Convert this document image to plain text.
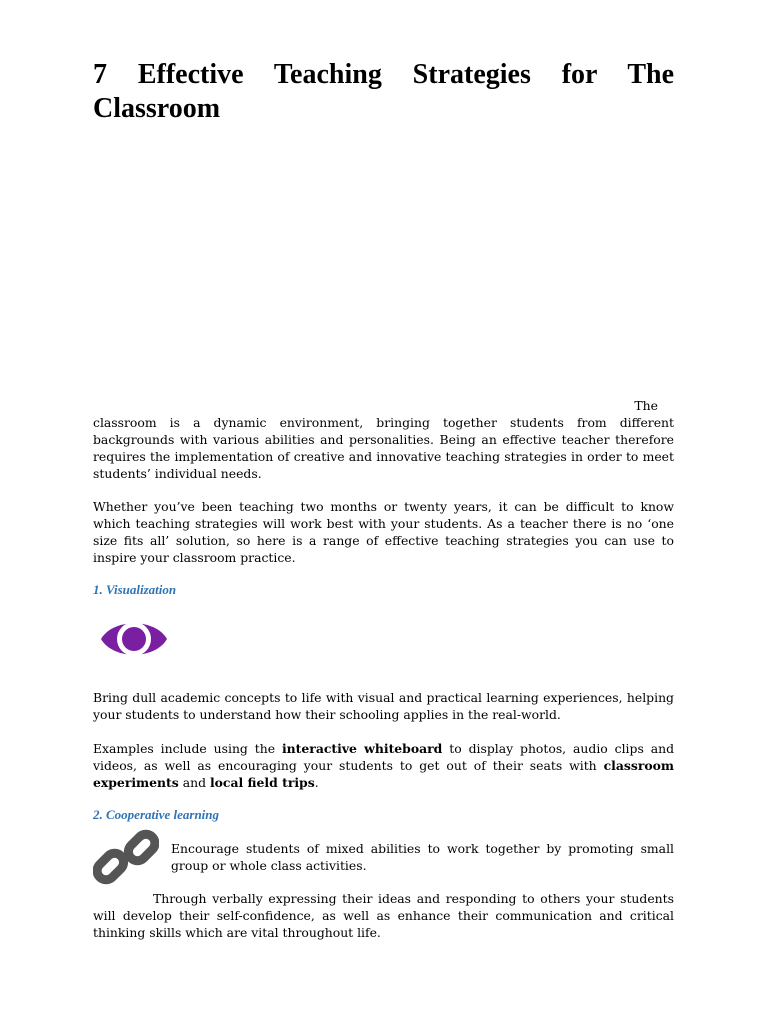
7 Effective Teaching Strategies for The Classroom
The

classroom is a dynamic environment, bringing together students from different backgrounds with various abilities and personalities. Being an effective teacher therefore requires the implementation of creative and innovative teaching strategies in order to meet students’ individual needs.

Whether you’ve been teaching two months or twenty years, it can be difficult to know which teaching strategies will work best with your students. As a teacher there is no ‘one size fits all’ solution, so here is a range of effective teaching strategies you can use to inspire your classroom practice.

1. Visualization

Bring dull academic concepts to life with visual and practical learning experiences, helping your students to understand how their schooling applies in the real-world.

Examples include using the interactive whiteboard to display photos, audio clips and videos, as well as encouraging your students to get out of their seats with classroom experiments and local field trips.

2. Cooperative learning

Encourage students of mixed abilities to work together by promoting small group or whole class activities.

Through verbally expressing their ideas and responding to others your students will develop their self-confidence, as well as enhance their communication and critical thinking skills which are vital throughout life.
